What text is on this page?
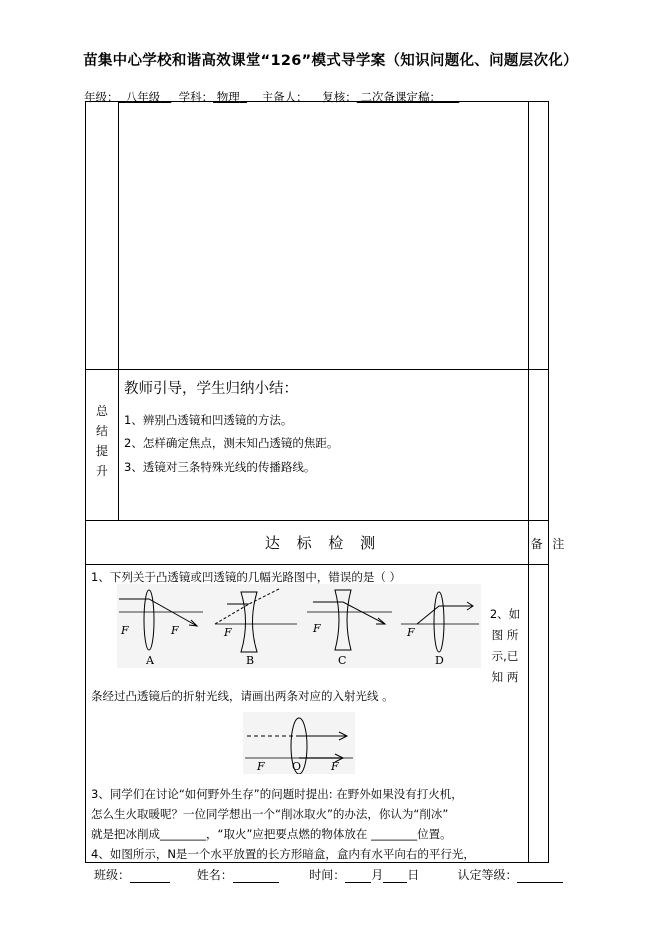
苗集中心学校和谐高效课堂“126”模式导学案（知识问题化、问题层次化）
年级： 八年级 学科： 物理 主备人： 复核： 二次备课定稿：
总
结
提
升
教师引导，学生归纳小结：
1、辨别凸透镜和凹透镜的方法。
2、怎样确定焦点，测未知凸透镜的焦距。
3、透镜对三条特殊光线的传播路线。
达 标 检 测	备 注
1、下列关于凸透镜或凹透镜的几幅光路图中，错误的是（ ）
F	F
A
F
B
F
C
F
D
2、如
图 所
示,已
知 两
条经过凸透镜后的折射光线，请画出两条对应的入射光线 。
F O	F
3、同学们在讨论“如何野外生存”的问题时提出: 在野外如果没有打火机，
怎么生火取暖呢？一位同学想出一个“削冰取火”的办法，你认为“削冰”
就是把冰削成________，“取火”应把要点燃的物体放在 ________位置。
4、如图所示，N是一个水平放置的长方形暗盒，盒内有水平向右的平行光，
班级：	姓名：	时间： 月 日	认定等级：
